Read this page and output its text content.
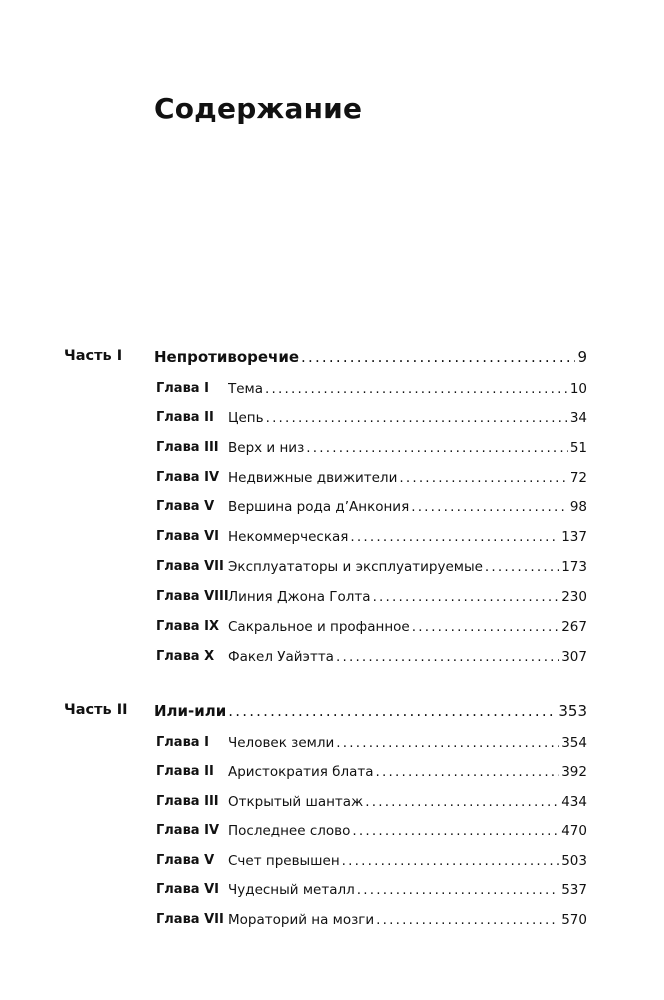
Содержание
Часть I Непротиворечие .....	9
Глава I Тема .....	10
Глава II Цепь .....	34
Глава III Верх и низ .....	51
Глава IV Недвижные движители .....	72
Глава V Вершина рода д’Анкония .....	98
Глава VI Некоммерческая .....	137
Глава VII Эксплуататоры и эксплуатируемые .....	173
Глава VIII Линия Джона Голта .....	230
Глава IX Сакральное и профанное .....	267
Глава X Факел Уайэтта .....	307
Часть II Или-или .....	353
Глава I Человек земли .....	354
Глава II Аристократия блата .....	392
Глава III Открытый шантаж .....	434
Глава IV Последнее слово .....	470
Глава V Счет превышен .....	503
Глава VI Чудесный металл .....	537
Глава VII Мораторий на мозги .....	570
